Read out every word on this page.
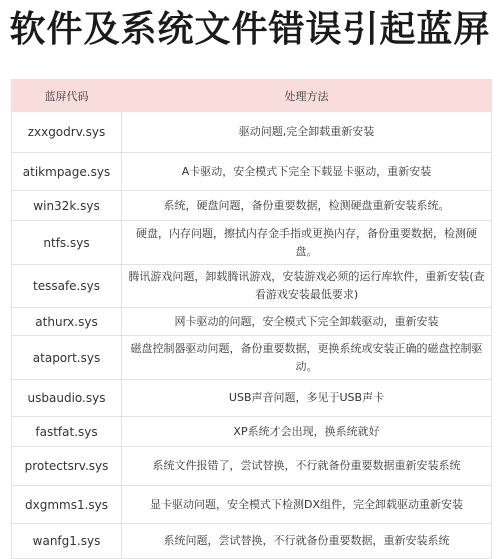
软件及系统文件错误引起蓝屏
蓝屏代码	处理方法
zxxgodrv.sys	驱动问题,完全卸载重新安装
atikmpage.sys	A卡驱动，安全模式下完全下载显卡驱动，重新安装
win32k.sys	系统，硬盘问题，备份重要数据，检测硬盘重新安装系统。
ntfs.sys	硬盘，内存问题，擦拭内存金手指或更换内存，备份重要数据，检测硬盘。
tessafe.sys	腾讯游戏问题，卸载腾讯游戏，安装游戏必须的运行库软件，重新安装(查看游戏安装最低要求)
athurx.sys	网卡驱动的问题，安全模式下完全卸载驱动，重新安装
ataport.sys	磁盘控制器驱动问题，备份重要数据，更换系统或安装正确的磁盘控制驱动。
usbaudio.sys	USB声音问题，多见于USB声卡
fastfat.sys	XP系统才会出现，换系统就好
protectsrv.sys	系统文件报错了，尝试替换，不行就备份重要数据重新安装系统
dxgmms1.sys	显卡驱动问题，安全模式下检测DX组件，完全卸载驱动重新安装
wanfg1.sys	系统问题，尝试替换，不行就备份重要数据，重新安装系统
